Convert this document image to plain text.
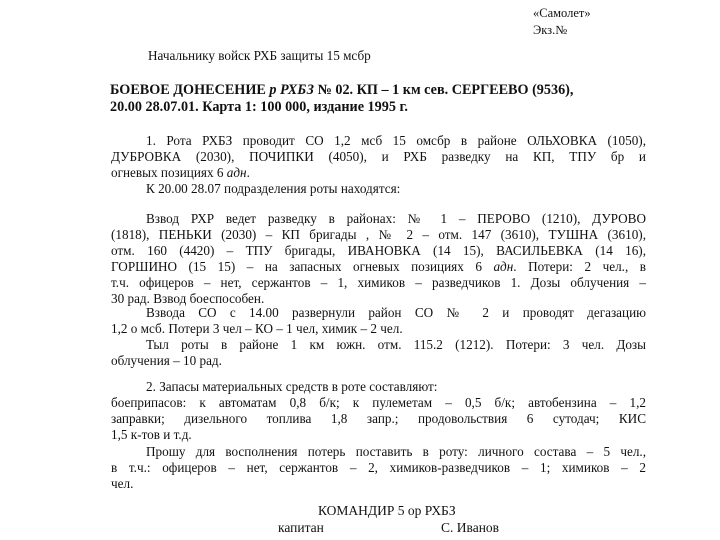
«Самолет»
Экз.№
Начальнику войск РХБ защиты 15 мсбр
БОЕВОЕ ДОНЕСЕНИЕ р РХБЗ № 02. КП – 1 км сев. СЕРГЕЕВО (9536),
20.00 28.07.01. Карта 1: 100 000, издание 1995 г.
1. Рота РХБЗ проводит СО 1,2 мсб 15 омсбр в районе ОЛЬХОВКА (1050),
ДУБРОВКА (2030), ПОЧИПКИ (4050), и РХБ разведку на КП, ТПУ бр и
огневых позициях 6 адн.
К 20.00 28.07 подразделения роты находятся:
Взвод РХР ведет разведку в районах: № 1 – ПЕРОВО (1210), ДУРОВО
(1818), ПЕНЬКИ (2030) – КП бригады , № 2 – отм. 147 (3610), ТУШНА (3610),
отм. 160 (4420) – ТПУ бригады, ИВАНОВКА (14 15), ВАСИЛЬЕВКА (14 16),
ГОРШИНО (15 15) – на запасных огневых позициях 6 адн. Потери: 2 чел., в
т.ч. офицеров – нет, сержантов – 1, химиков – разведчиков 1. Дозы облучения –
30 рад. Взвод боеспособен.
Взвода СО с 14.00 развернули район СО № 2 и проводят дегазацию
1,2 о мсб. Потери 3 чел – КО – 1 чел, химик – 2 чел.
Тыл роты в районе 1 км южн. отм. 115.2 (1212). Потери: 3 чел. Дозы
облучения – 10 рад.
2. Запасы материальных средств в роте составляют:
боеприпасов: к автоматам 0,8 б/к; к пулеметам – 0,5 б/к; автобензина – 1,2
заправки; дизельного топлива 1,8 запр.; продовольствия 6 сутодач; КИС
1,5 к-тов и т.д.
Прошу для восполнения потерь поставить в роту: личного состава – 5 чел.,
в т.ч.: офицеров – нет, сержантов – 2, химиков-разведчиков – 1; химиков – 2
чел.
КОМАНДИР 5 ор РХБЗ
капитан	С. Иванов
